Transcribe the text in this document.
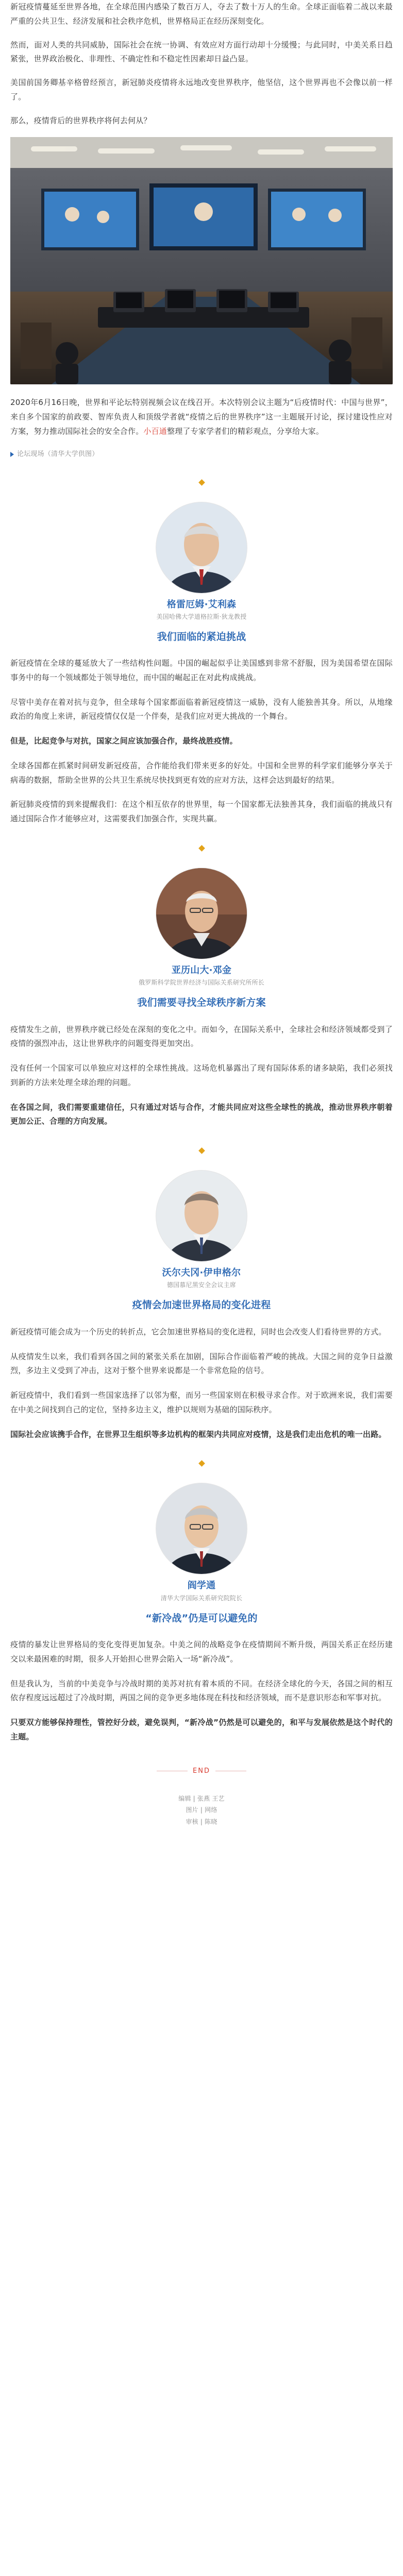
新冠疫情蔓延至世界各地，在全球范围内感染了数百万人，夺去了数十万人的生命。全球正面临着二战以来最严重的公共卫生、经济发展和社会秩序危机，世界格局正在经历深刻变化。

然而，面对人类的共同威胁，国际社会在统一协调、有效应对方面行动却十分缓慢；与此同时，中美关系日趋紧张，世界政治极化、非理性、不确定性和不稳定性因素却日益凸显。

美国前国务卿基辛格曾经预言，新冠肺炎疫情将永远地改变世界秩序，他坚信，这个世界再也不会像以前一样了。

那么，疫情背后的世界秩序将何去何从？

2020年6月16日晚，世界和平论坛特别视频会议在线召开。本次特别会议主题为“后疫情时代：中国与世界”，来自多个国家的前政要、智库负责人和顶级学者就“疫情之后的世界秩序”这一主题展开讨论，探讨建设性应对方案，努力推动国际社会的安全合作。小百通整理了专家学者们的精彩观点，分享给大家。

论坛现场（清华大学供图）
格雷厄姆·艾利森
美国哈佛大学道格拉斯·狄龙教授
我们面临的紧迫挑战

新冠疫情在全球的蔓延放大了一些结构性问题。中国的崛起似乎让美国感到非常不舒服，因为美国希望在国际事务中的每一个领域都处于领导地位，而中国的崛起正在对此构成挑战。

尽管中美存在着对抗与竞争，但全球每个国家都面临着新冠疫情这一威胁，没有人能独善其身。所以，从地缘政治的角度上来讲，新冠疫情仅仅是一个伴奏，是我们应对更大挑战的一个舞台。

但是，比起竞争与对抗，国家之间应该加强合作，最终战胜疫情。

全球各国都在抓紧时间研发新冠疫苗，合作能给我们带来更多的好处。中国和全世界的科学家们能够分享关于病毒的数据，帮助全世界的公共卫生系统尽快找到更有效的应对方法，这样会达到最好的结果。

新冠肺炎疫情的到来提醒我们：在这个相互依存的世界里，每一个国家都无法独善其身，我们面临的挑战只有通过国际合作才能够应对，这需要我们加强合作，实现共赢。

亚历山大·邓金
俄罗斯科学院世界经济与国际关系研究所所长
我们需要寻找全球秩序新方案

疫情发生之前，世界秩序就已经处在深刻的变化之中。而如今，在国际关系中，全球社会和经济领域都受到了疫情的强烈冲击，这让世界秩序的问题变得更加突出。

没有任何一个国家可以单独应对这样的全球性挑战。这场危机暴露出了现有国际体系的诸多缺陷，我们必须找到新的方法来处理全球治理的问题。

在各国之间，我们需要重建信任，只有通过对话与合作，才能共同应对这些全球性的挑战，推动世界秩序朝着更加公正、合理的方向发展。

沃尔夫冈·伊申格尔
德国慕尼黑安全会议主席
疫情会加速世界格局的变化进程

新冠疫情可能会成为一个历史的转折点，它会加速世界格局的变化进程，同时也会改变人们看待世界的方式。

从疫情发生以来，我们看到各国之间的紧张关系在加剧，国际合作面临着严峻的挑战。大国之间的竞争日益激烈，多边主义受到了冲击，这对于整个世界来说都是一个非常危险的信号。

新冠疫情中，我们看到一些国家选择了以邻为壑，而另一些国家则在积极寻求合作。对于欧洲来说，我们需要在中美之间找到自己的定位，坚持多边主义，维护以规则为基础的国际秩序。

国际社会应该携手合作，在世界卫生组织等多边机构的框架内共同应对疫情，这是我们走出危机的唯一出路。

阎学通
清华大学国际关系研究院院长
“新冷战”仍是可以避免的

疫情的暴发让世界格局的变化变得更加复杂。中美之间的战略竞争在疫情期间不断升级，两国关系正在经历建交以来最困难的时期，很多人开始担心世界会陷入一场“新冷战”。

但是我认为，当前的中美竞争与冷战时期的美苏对抗有着本质的不同。在经济全球化的今天，各国之间的相互依存程度远远超过了冷战时期，两国之间的竞争更多地体现在科技和经济领域，而不是意识形态和军事对抗。

只要双方能够保持理性，管控好分歧，避免误判，“新冷战”仍然是可以避免的，和平与发展依然是这个时代的主题。

END
编辑 | 张燕 王艺
图片 | 网络
审核 | 陈晓
